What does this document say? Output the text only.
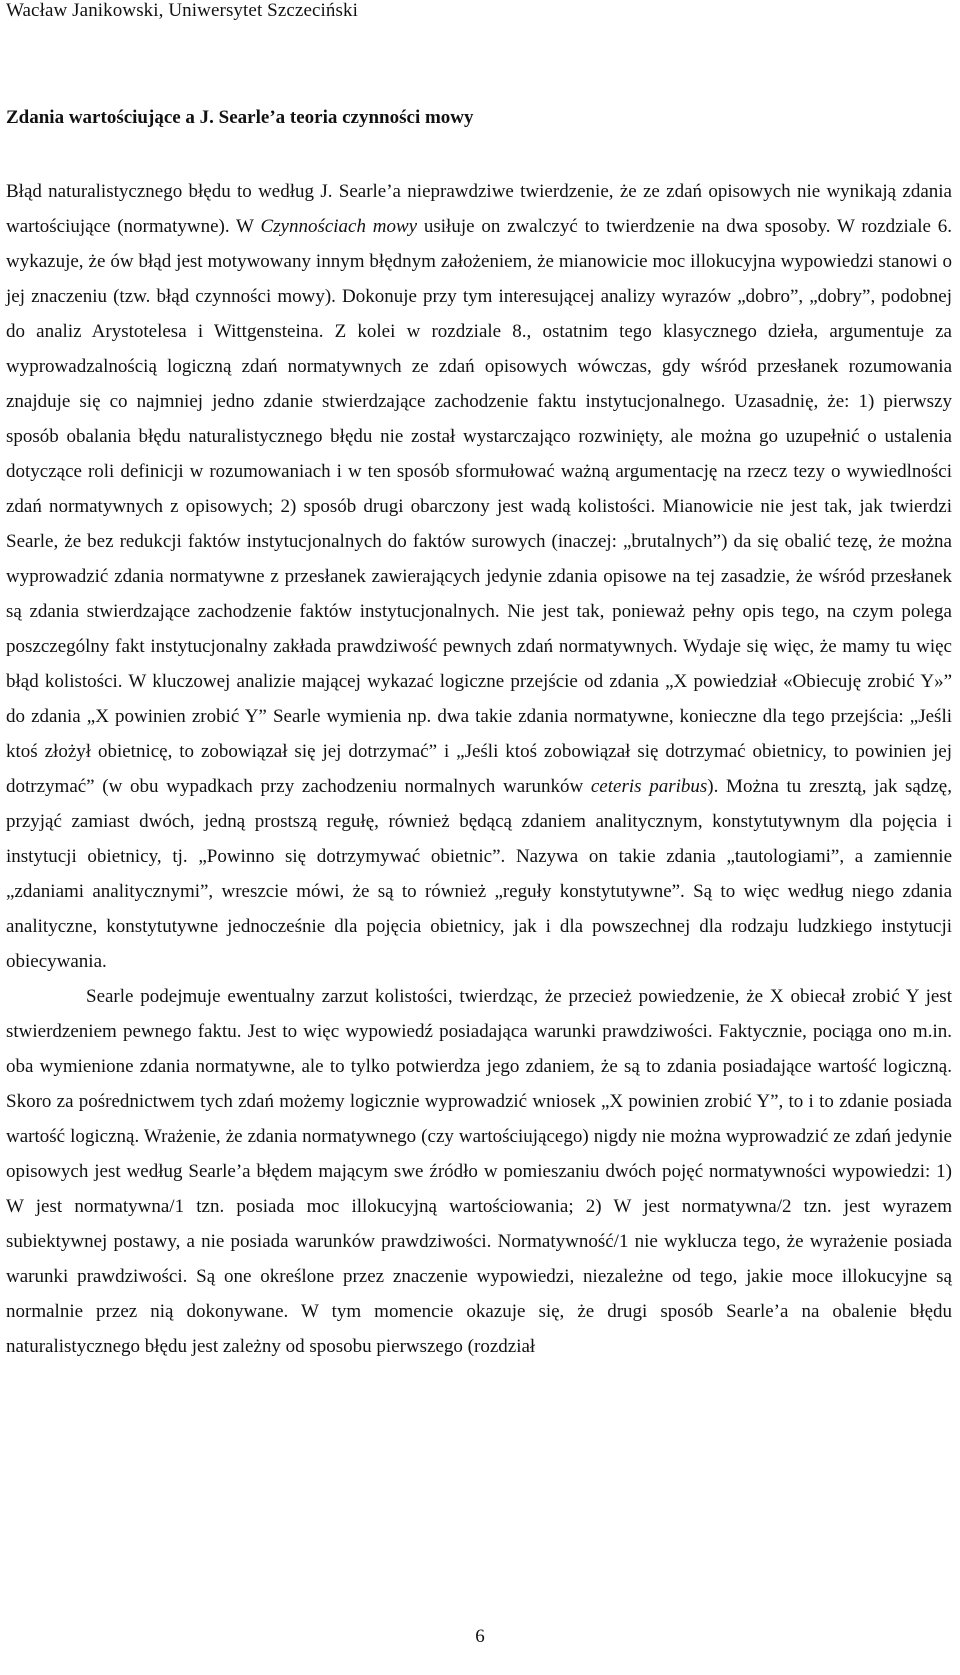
Wacław Janikowski, Uniwersytet Szczeciński
Zdania wartościujące a J. Searle’a teoria czynności mowy

Błąd naturalistycznego błędu to według J. Searle’a nieprawdziwe twierdzenie, że ze zdań opisowych nie wynikają zdania wartościujące (normatywne). W Czynnościach mowy usiłuje on zwalczyć to twierdzenie na dwa sposoby. W rozdziale 6. wykazuje, że ów błąd jest motywowany innym błędnym założeniem, że mianowicie moc illokucyjna wypowiedzi stanowi o jej znaczeniu (tzw. błąd czynności mowy). Dokonuje przy tym interesującej analizy wyrazów „dobro”, „dobry”, podobnej do analiz Arystotelesa i Wittgensteina. Z kolei w rozdziale 8., ostatnim tego klasycznego dzieła, argumentuje za wyprowadzalnością logiczną zdań normatywnych ze zdań opisowych wówczas, gdy wśród przesłanek rozumowania znajduje się co najmniej jedno zdanie stwierdzające zachodzenie faktu instytucjonalnego. Uzasadnię, że: 1) pierwszy sposób obalania błędu naturalistycznego błędu nie został wystarczająco rozwinięty, ale można go uzupełnić o ustalenia dotyczące roli definicji w rozumowaniach i w ten sposób sformułować ważną argumentację na rzecz tezy o wywiedlności zdań normatywnych z opisowych; 2) sposób drugi obarczony jest wadą kolistości. Mianowicie nie jest tak, jak twierdzi Searle, że bez redukcji faktów instytucjonalnych do faktów surowych (inaczej: „brutalnych”) da się obalić tezę, że można wyprowadzić zdania normatywne z przesłanek zawierających jedynie zdania opisowe na tej zasadzie, że wśród przesłanek są zdania stwierdzające zachodzenie faktów instytucjonalnych. Nie jest tak, ponieważ pełny opis tego, na czym polega poszczególny fakt instytucjonalny zakłada prawdziwość pewnych zdań normatywnych. Wydaje się więc, że mamy tu więc błąd kolistości. W kluczowej analizie mającej wykazać logiczne przejście od zdania „X powiedział «Obiecuję zrobić Y»” do zdania „X powinien zrobić Y” Searle wymienia np. dwa takie zdania normatywne, konieczne dla tego przejścia: „Jeśli ktoś złożył obietnicę, to zobowiązał się jej dotrzymać” i „Jeśli ktoś zobowiązał się dotrzymać obietnicy, to powinien jej dotrzymać” (w obu wypadkach przy zachodzeniu normalnych warunków ceteris paribus). Można tu zresztą, jak sądzę, przyjąć zamiast dwóch, jedną prostszą regułę, również będącą zdaniem analitycznym, konstytutywnym dla pojęcia i instytucji obietnicy, tj. „Powinno się dotrzymywać obietnic”. Nazywa on takie zdania „tautologiami”, a zamiennie „zdaniami analitycznymi”, wreszcie mówi, że są to również „reguły konstytutywne”. Są to więc według niego zdania analityczne, konstytutywne jednocześnie dla pojęcia obietnicy, jak i dla powszechnej dla rodzaju ludzkiego instytucji obiecywania.

Searle podejmuje ewentualny zarzut kolistości, twierdząc, że przecież powiedzenie, że X obiecał zrobić Y jest stwierdzeniem pewnego faktu. Jest to więc wypowiedź posiadająca warunki prawdziwości. Faktycznie, pociąga ono m.in. oba wymienione zdania normatywne, ale to tylko potwierdza jego zdaniem, że są to zdania posiadające wartość logiczną. Skoro za pośrednictwem tych zdań możemy logicznie wyprowadzić wniosek „X powinien zrobić Y”, to i to zdanie posiada wartość logiczną. Wrażenie, że zdania normatywnego (czy wartościującego) nigdy nie można wyprowadzić ze zdań jedynie opisowych jest według Searle’a błędem mającym swe źródło w pomieszaniu dwóch pojęć normatywności wypowiedzi: 1) W jest normatywna/1 tzn. posiada moc illokucyjną wartościowania; 2) W jest normatywna/2 tzn. jest wyrazem subiektywnej postawy, a nie posiada warunków prawdziwości. Normatywność/1 nie wyklucza tego, że wyrażenie posiada warunki prawdziwości. Są one określone przez znaczenie wypowiedzi, niezależne od tego, jakie moce illokucyjne są normalnie przez nią dokonywane. W tym momencie okazuje się, że drugi sposób Searle’a na obalenie błędu naturalistycznego błędu jest zależny od sposobu pierwszego (rozdział

6
